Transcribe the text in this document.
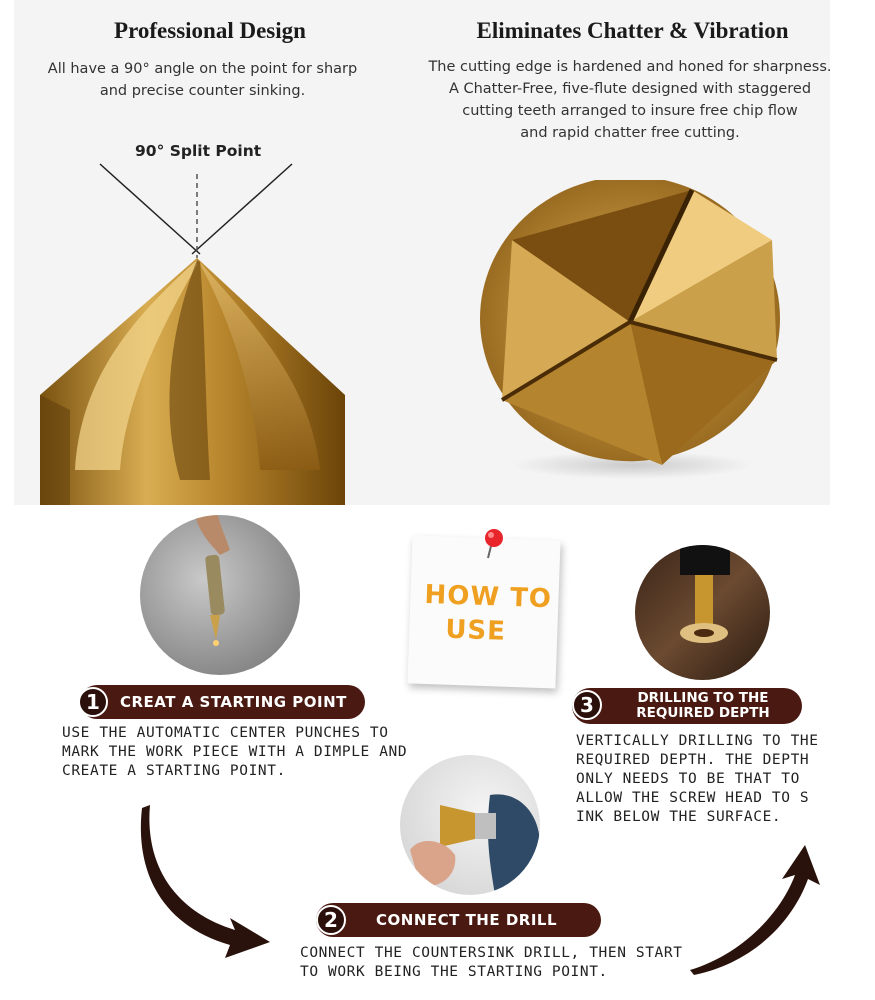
Professional Design
All have a 90° angle on the point for sharp
and precise counter sinking.
Eliminates Chatter & Vibration
The cutting edge is hardened and honed for sharpness.
A Chatter-Free, five-flute designed with staggered
cutting teeth arranged to insure free chip flow
and rapid chatter free cutting.
90° Split Point
HOW TO
USE
CREAT A STARTING POINT
1
USE THE AUTOMATIC CENTER PUNCHES TO
MARK THE WORK PIECE WITH A DIMPLE AND
CREATE A STARTING POINT.
DRILLING TO THE
REQUIRED DEPTH
3
VERTICALLY DRILLING TO THE
REQUIRED DEPTH. THE DEPTH
ONLY NEEDS TO BE THAT TO
ALLOW THE SCREW HEAD TO S
INK BELOW THE SURFACE.
CONNECT THE DRILL
2
CONNECT THE COUNTERSINK DRILL, THEN START
TO WORK BEING THE STARTING POINT.
